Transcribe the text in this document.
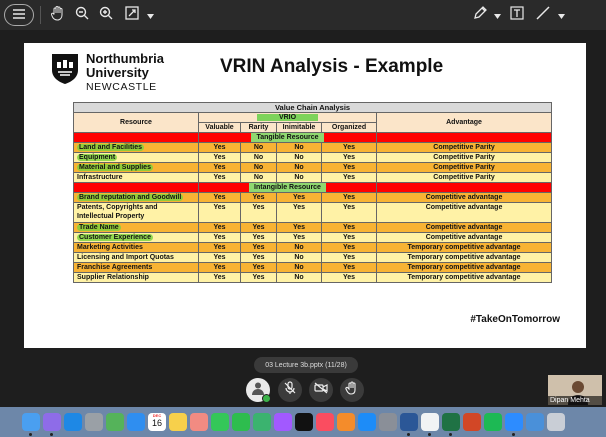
Northumbria
University
NEWCASTLE
VRIN Analysis - Example
Value Chain Analysis					
Resource	VRIO				Advantage
	Valuable	Rarity	Inimitable	Organized	
	Tangible Resource				
Land and Facilities	Yes	No	No	Yes	Competitive Parity
Equipment	Yes	No	No	Yes	Competitive Parity
Material and Supplies	Yes	No	No	Yes	Competitive Parity
Infrastructure	Yes	No	No	Yes	Competitive Parity
	Intangible Resource				
Brand reputation and Goodwill	Yes	Yes	Yes	Yes	Competitive advantage
Patents, Copyrights and Intellectual Property	Yes	Yes	Yes	Yes	Competitive advantage
Trade Name	Yes	Yes	Yes	Yes	Competitive advantage
Customer Experience	Yes	Yes	Yes	Yes	Competitive advantage
Marketing Activities	Yes	Yes	No	Yes	Temporary competitive advantage
Licensing and Import Quotas	Yes	Yes	No	Yes	Temporary competitive advantage
Franchise Agreements	Yes	Yes	No	Yes	Temporary competitive advantage
Supplier Relationship	Yes	Yes	No	Yes	Temporary competitive advantage
#TakeOnTomorrow
03 Lecture 3b.pptx
(11/28)
Dipan Mehta
DEC
16
